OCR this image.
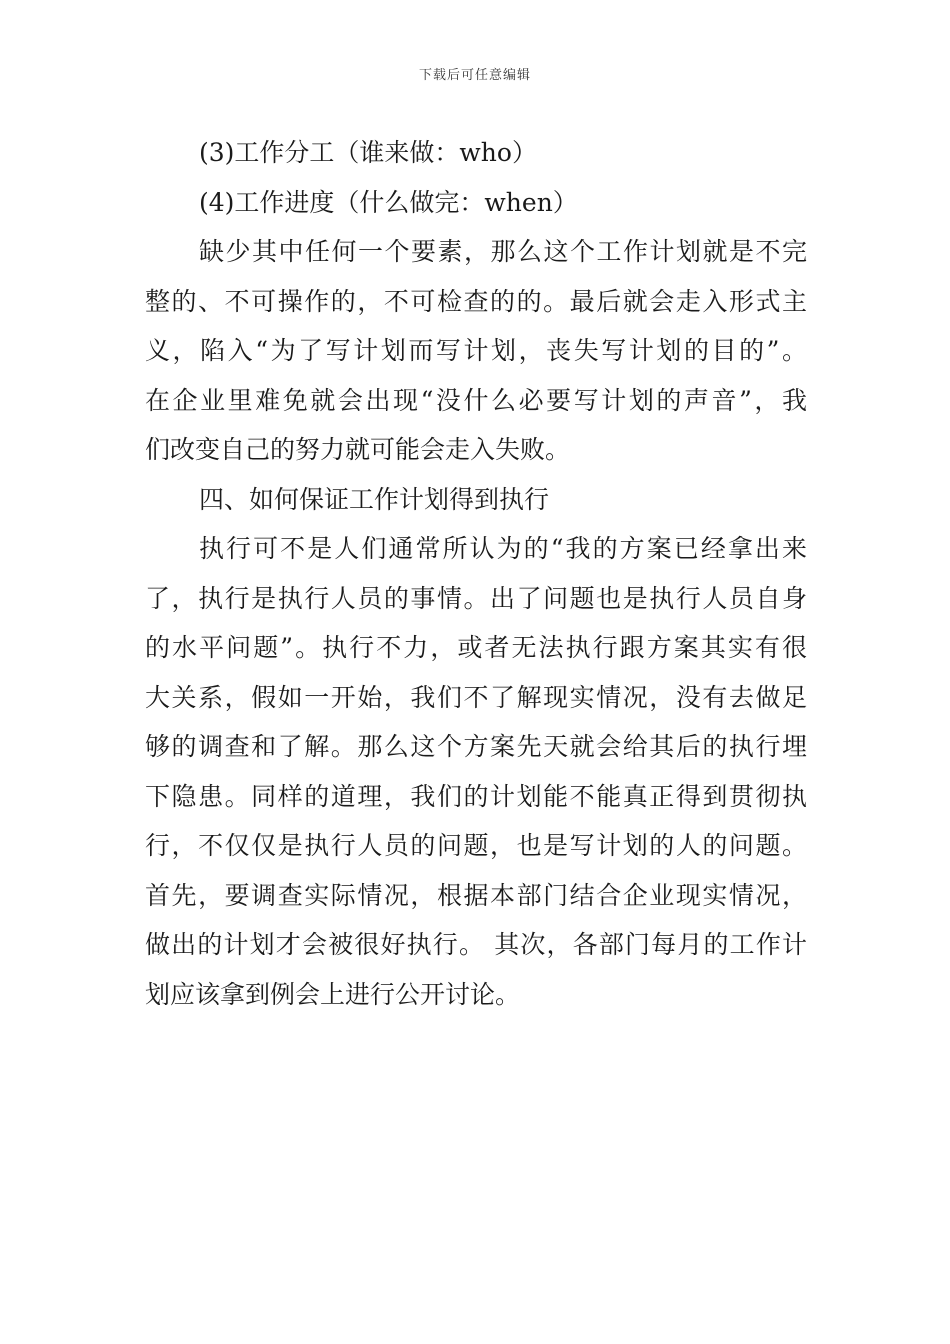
下载后可任意编辑
(3)工作分工（谁来做：who）
(4)工作进度（什么做完：when）
缺少其中任何一个要素，那么这个工作计划就是不完
整的、不可操作的，不可检查的的。最后就会走入形式主
义，陷入“为了写计划而写计划，丧失写计划的目的”。
在企业里难免就会出现“没什么必要写计划的声音”，我
们改变自己的努力就可能会走入失败。
四、如何保证工作计划得到执行
执行可不是人们通常所认为的“我的方案已经拿出来
了，执行是执行人员的事情。出了问题也是执行人员自身
的水平问题”。执行不力，或者无法执行跟方案其实有很
大关系，假如一开始，我们不了解现实情况，没有去做足
够的调查和了解。那么这个方案先天就会给其后的执行埋
下隐患。同样的道理，我们的计划能不能真正得到贯彻执
行，不仅仅是执行人员的问题，也是写计划的人的问题。
首先，要调查实际情况，根据本部门结合企业现实情况，
做出的计划才会被很好执行。 其次，各部门每月的工作计
划应该拿到例会上进行公开讨论。
